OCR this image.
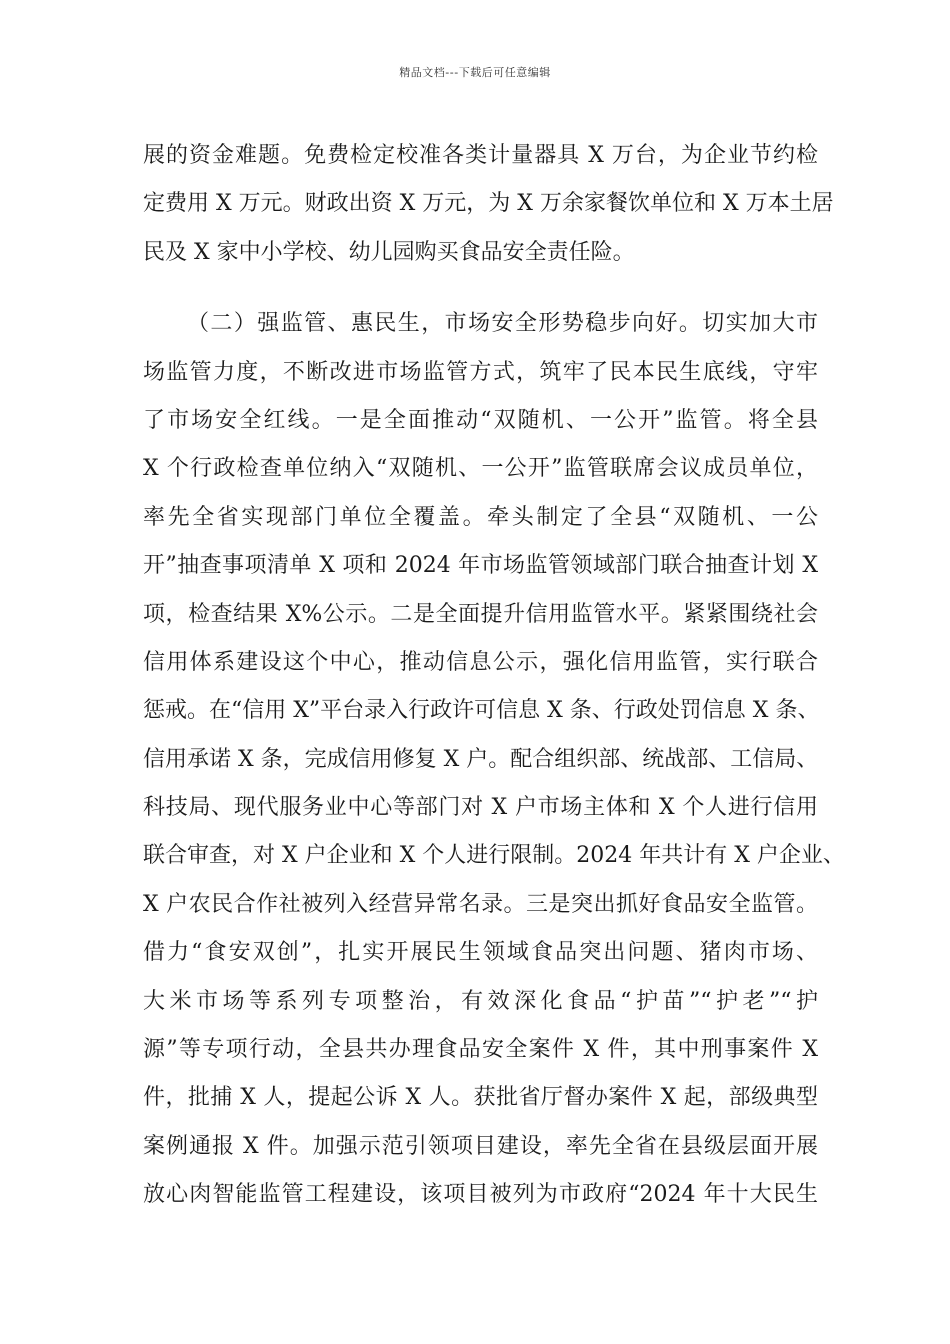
精品文档---下载后可任意编辑
展的资金难题。免费检定校准各类计量器具 X 万台，为企业节约检
定费用 X 万元。财政出资 X 万元，为 X 万余家餐饮单位和 X 万本土居
民及 X 家中小学校、幼儿园购买食品安全责任险。
（二）强监管、惠民生，市场安全形势稳步向好。切实加大市
场监管力度，不断改进市场监管方式，筑牢了民本民生底线，守牢
了市场安全红线。一是全面推动“双随机、一公开”监管。将全县
X 个行政检查单位纳入“双随机、一公开”监管联席会议成员单位，
率先全省实现部门单位全覆盖。牵头制定了全县“双随机、一公
开”抽查事项清单 X 项和 2024 年市场监管领域部门联合抽查计划 X
项，检查结果 X%公示。二是全面提升信用监管水平。紧紧围绕社会
信用体系建设这个中心，推动信息公示，强化信用监管，实行联合
惩戒。在“信用 X”平台录入行政许可信息 X 条、行政处罚信息 X 条、
信用承诺 X 条，完成信用修复 X 户。配合组织部、统战部、工信局、
科技局、现代服务业中心等部门对 X 户市场主体和 X 个人进行信用
联合审查，对 X 户企业和 X 个人进行限制。2024 年共计有 X 户企业、
X 户农民合作社被列入经营异常名录。三是突出抓好食品安全监管。
借力“食安双创”，扎实开展民生领域食品突出问题、猪肉市场、
大米市场等系列专项整治，有效深化食品“护苗”“护老”“护
源”等专项行动，全县共办理食品安全案件 X 件，其中刑事案件 X
件，批捕 X 人，提起公诉 X 人。获批省厅督办案件 X 起，部级典型
案例通报 X 件。加强示范引领项目建设，率先全省在县级层面开展
放心肉智能监管工程建设，该项目被列为市政府“2024 年十大民生
